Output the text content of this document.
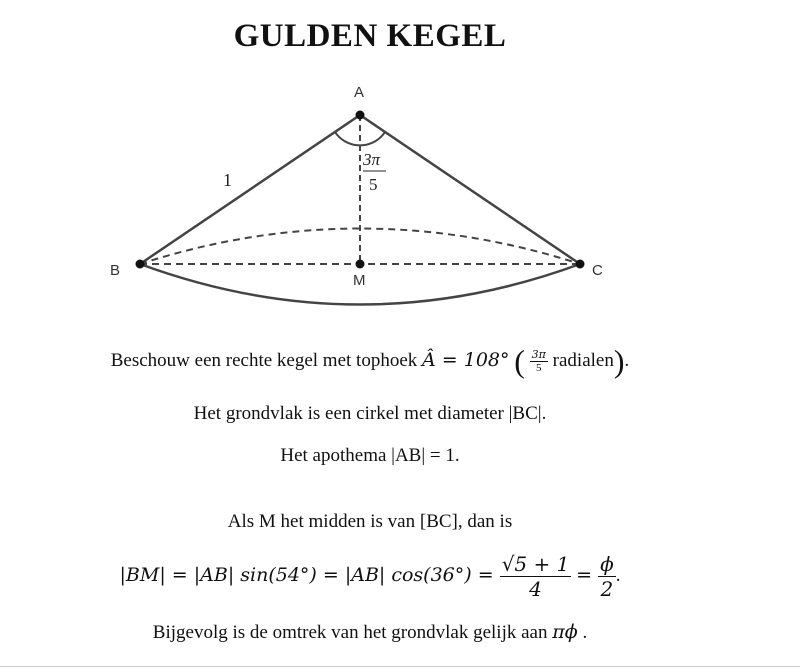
GULDEN KEGEL
A
B	C
M
1
3π
5
Beschouw een rechte kegel met tophoek Â = 108° ( $\frac{3\pi}{5}$ radialen).
Het grondvlak is een cirkel met diameter |BC|.
Het apothema |AB| = 1.
Als M het midden is van [BC], dan is
|BM| = |AB| sin(54°) = |AB| $\cos(36^\circ) = \frac{√5 + 1}{4} = \frac{\phi}{2}$ .
Bijgevolg is de omtrek van het grondvlak gelijk aan πϕ .
